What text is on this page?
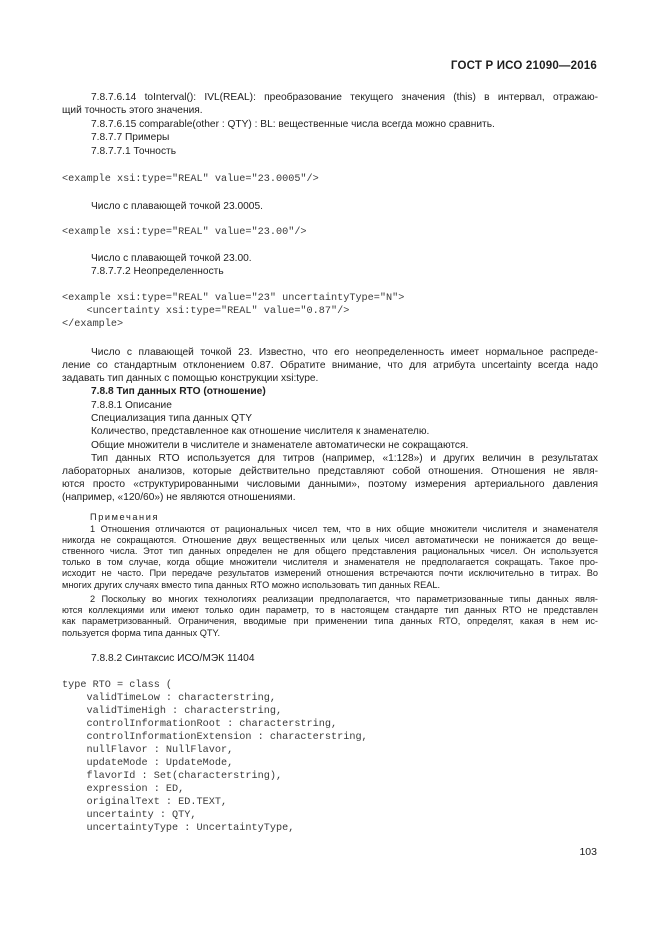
ГОСТ Р ИСО 21090—2016
7.8.7.6.14 toInterval(): IVL(REAL): преобразование текущего значения (this) в интервал, отражаю-
щий точность этого значения.
7.8.7.6.15 comparable(other : QTY) : BL: вещественные числа всегда можно сравнить.
7.8.7.7 Примеры
7.8.7.7.1 Точность
<example xsi:type="REAL" value="23.0005"/>
Число с плавающей точкой 23.0005.
<example xsi:type="REAL" value="23.00"/>
Число с плавающей точкой 23.00.
7.8.7.7.2 Неопределенность
<example xsi:type="REAL" value="23" uncertaintyType="N">
<uncertainty xsi:type="REAL" value="0.87"/>
</example>
Число с плавающей точкой 23. Известно, что его неопределенность имеет нормальное распреде-
ление со стандартным отклонением 0.87. Обратите внимание, что для атрибута uncertainty всегда надо
задавать тип данных с помощью конструкции xsi:type.
7.8.8 Тип данных RTO (отношение)
7.8.8.1 Описание
Специализация типа данных QTY
Количество, представленное как отношение числителя к знаменателю.
Общие множители в числителе и знаменателе автоматически не сокращаются.
Тип данных RTO используется для титров (например, «1:128») и других величин в результатах
лабораторных анализов, которые действительно представляют собой отношения. Отношения не явля-
ются просто «структурированными числовыми данными», поэтому измерения артериального давления
(например, «120/60») не являются отношениями.
Примечания
1 Отношения отличаются от рациональных чисел тем, что в них общие множители числителя и знаменателя
никогда не сокращаются. Отношение двух вещественных или целых чисел автоматически не понижается до веще-
ственного числа. Этот тип данных определен не для общего представления рациональных чисел. Он используется
только в том случае, когда общие множители числителя и знаменателя не предполагается сокращать. Такое про-
исходит не часто. При передаче результатов измерений отношения встречаются почти исключительно в титрах. Во
многих других случаях вместо типа данных RTO можно использовать тип данных REAL.
2 Поскольку во многих технологиях реализации предполагается, что параметризованные типы данных явля-
ются коллекциями или имеют только один параметр, то в настоящем стандарте тип данных RTO не представлен
как параметризованный. Ограничения, вводимые при применении типа данных RTO, определят, какая в нем ис-
пользуется форма типа данных QTY.
7.8.8.2 Синтаксис ИСО/МЭК 11404
type RTO = class (
validTimeLow : characterstring,
validTimeHigh : characterstring,
controlInformationRoot : characterstring,
controlInformationExtension : characterstring,
nullFlavor : NullFlavor,
updateMode : UpdateMode,
flavorId : Set(characterstring),
expression : ED,
originalText : ED.TEXT,
uncertainty : QTY,
uncertaintyType : UncertaintyType,
103
